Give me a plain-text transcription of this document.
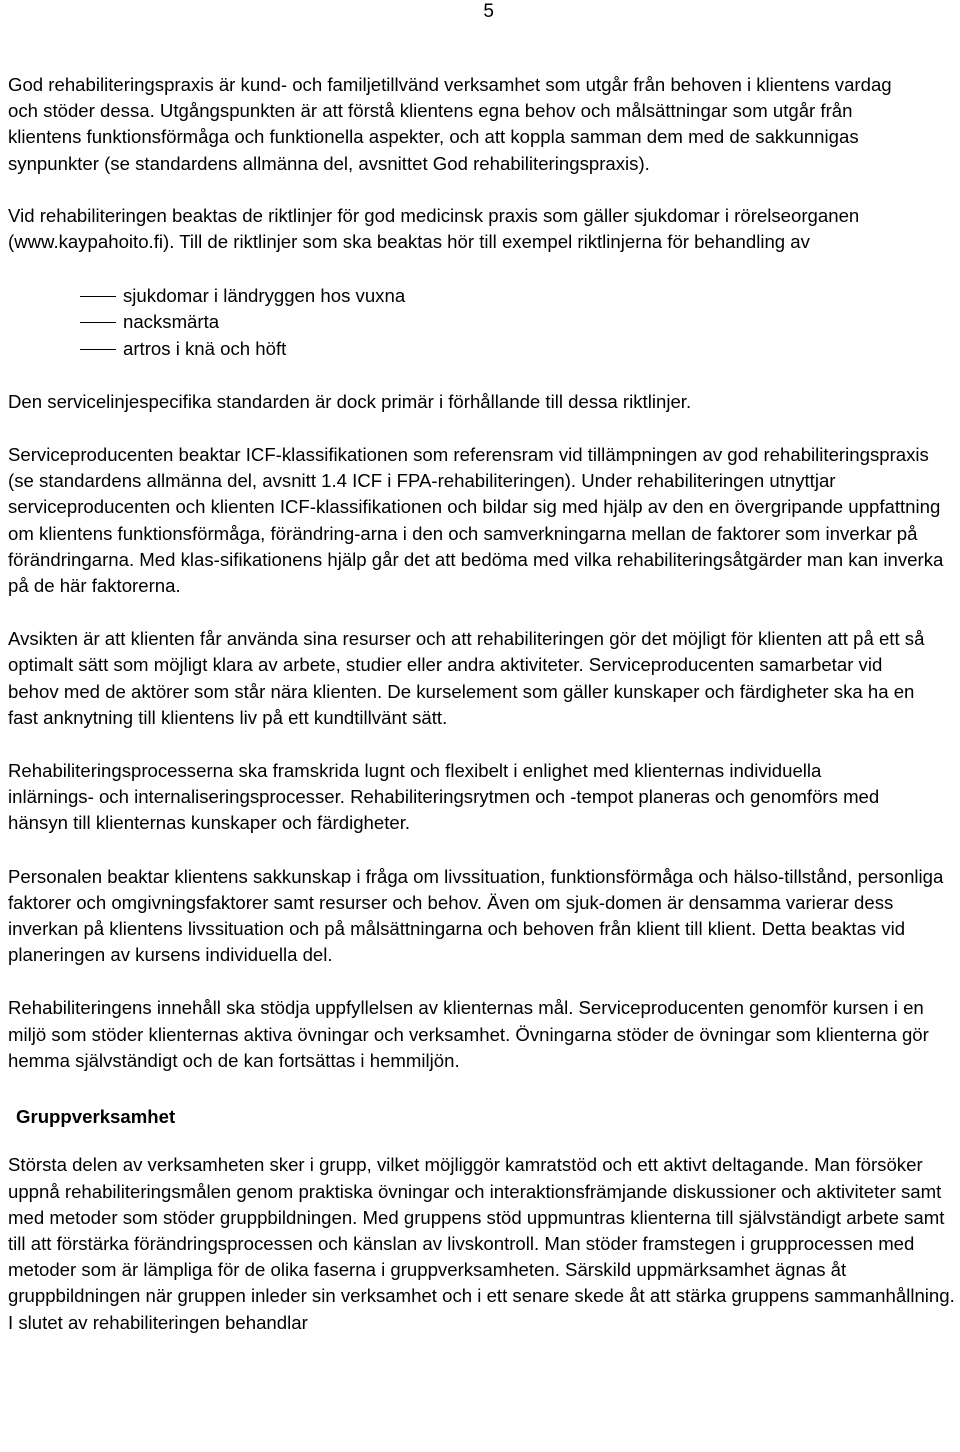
5

God rehabiliteringspraxis är kund- och familjetillvänd verksamhet som utgår från behoven i klientens vardag och stöder dessa. Utgångspunkten är att förstå klientens egna behov och målsättningar som utgår från klientens funktionsförmåga och funktionella aspekter, och att koppla samman dem med de sakkunnigas synpunkter (se standardens allmänna del, avsnittet God rehabiliteringspraxis).

Vid rehabiliteringen beaktas de riktlinjer för god medicinsk praxis som gäller sjukdomar i rörelseorganen (www.kaypahoito.fi). Till de riktlinjer som ska beaktas hör till exempel riktlinjerna för behandling av

sjukdomar i ländryggen hos vuxna
nacksmärta
artros i knä och höft

Den servicelinjespecifika standarden är dock primär i förhållande till dessa riktlinjer.

Serviceproducenten beaktar ICF-klassifikationen som referensram vid tillämpningen av god rehabiliteringspraxis (se standardens allmänna del, avsnitt 1.4 ICF i FPA-rehabiliteringen). Under rehabiliteringen utnyttjar serviceproducenten och klienten ICF-klassifikationen och bildar sig med hjälp av den en övergripande uppfattning om klientens funktionsförmåga, förändring-arna i den och samverkningarna mellan de faktorer som inverkar på förändringarna. Med klas-sifikationens hjälp går det att bedöma med vilka rehabiliteringsåtgärder man kan inverka på de här faktorerna.

Avsikten är att klienten får använda sina resurser och att rehabiliteringen gör det möjligt för klienten att på ett så optimalt sätt som möjligt klara av arbete, studier eller andra aktiviteter. Serviceproducenten samarbetar vid behov med de aktörer som står nära klienten. De kurselement som gäller kunskaper och färdigheter ska ha en fast anknytning till klientens liv på ett kundtillvänt sätt.

Rehabiliteringsprocesserna ska framskrida lugnt och flexibelt i enlighet med klienternas individuella inlärnings- och internaliseringsprocesser. Rehabiliteringsrytmen och -tempot planeras och genomförs med hänsyn till klienternas kunskaper och färdigheter.

Personalen beaktar klientens sakkunskap i fråga om livssituation, funktionsförmåga och hälso-tillstånd, personliga faktorer och omgivningsfaktorer samt resurser och behov. Även om sjuk-domen är densamma varierar dess inverkan på klientens livssituation och på målsättningarna och behoven från klient till klient. Detta beaktas vid planeringen av kursens individuella del.

Rehabiliteringens innehåll ska stödja uppfyllelsen av klienternas mål. Serviceproducenten genomför kursen i en miljö som stöder klienternas aktiva övningar och verksamhet. Övningarna stöder de övningar som klienterna gör hemma självständigt och de kan fortsättas i hemmiljön.

Gruppverksamhet

Största delen av verksamheten sker i grupp, vilket möjliggör kamratstöd och ett aktivt deltagande. Man försöker uppnå rehabiliteringsmålen genom praktiska övningar och interaktionsfrämjande diskussioner och aktiviteter samt med metoder som stöder gruppbildningen. Med gruppens stöd uppmuntras klienterna till självständigt arbete samt till att förstärka förändringsprocessen och känslan av livskontroll. Man stöder framstegen i grupprocessen med metoder som är lämpliga för de olika faserna i gruppverksamheten. Särskild uppmärksamhet ägnas åt gruppbildningen när gruppen inleder sin verksamhet och i ett senare skede åt att stärka gruppens sammanhållning. I slutet av rehabiliteringen behandlar
